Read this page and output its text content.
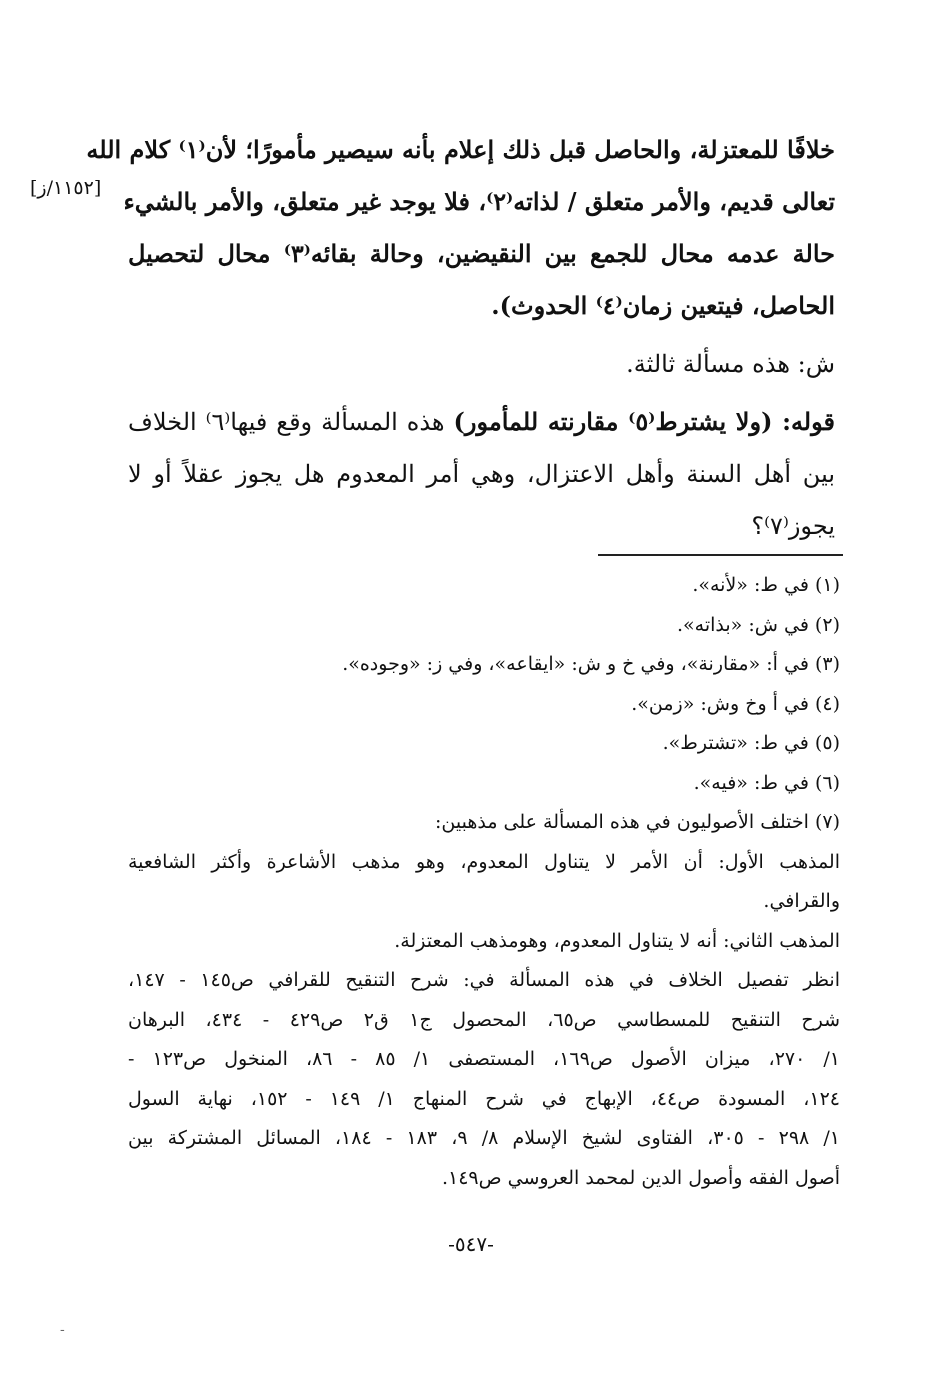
خلافًا للمعتزلة، والحاصل قبل ذلك إعلام بأنه سيصير مأمورًا؛ لأن⁽١⁾ كلام الله
تعالى قديم، والأمر متعلق / لذاته⁽٢⁾، فلا يوجد غير متعلق، والأمر بالشيء
حالة عدمه محال للجمع بين النقيضين، وحالة بقائه⁽٣⁾ محال لتحصيل
الحاصل، فيتعين زمان⁽٤⁾ الحدوث).
ش: هذه مسألة ثالثة.
قوله: (ولا يشترط⁽٥⁾ مقارنته للمأمور) هذه المسألة وقع فيها⁽٦⁾ الخلاف
بين أهل السنة وأهل الاعتزال، وهي أمر المعدوم هل يجوز عقلاً أو لا
يجوز⁽٧⁾؟
[١١٥٢/ز]
(١) في ط: «لأنه».
(٢) في ش: «بذاته».
(٣) في أ: «مقارنة»، وفي خ و ش: «ايقاعه»، وفي ز: «وجوده».
(٤) في أ وخ وش: «زمن».
(٥) في ط: «تشترط».
(٦) في ط: «فيه».
(٧) اختلف الأصوليون في هذه المسألة على مذهبين:
المذهب الأول: أن الأمر لا يتناول المعدوم، وهو مذهب الأشاعرة وأكثر الشافعية
والقرافي.
المذهب الثاني: أنه لا يتناول المعدوم، وهومذهب المعتزلة.
انظر تفصيل الخلاف في هذه المسألة في: شرح التنقيح للقرافي ص١٤٥ - ١٤٧،
شرح التنقيح للمسطاسي ص٦٥، المحصول ج١ ق٢ ص٤٢٩ - ٤٣٤، البرهان
١/ ٢٧٠، ميزان الأصول ص١٦٩، المستصفى ١/ ٨٥ - ٨٦، المنخول ص١٢٣ -
١٢٤، المسودة ص٤٤، الإبهاج في شرح المنهاج ١/ ١٤٩ - ١٥٢، نهاية السول
١/ ٢٩٨ - ٣٠٥، الفتاوى لشيخ الإسلام ٨/ ٩، ١٨٣ - ١٨٤، المسائل المشتركة بين
أصول الفقه وأصول الدين لمحمد العروسي ص١٤٩.
-٥٤٧-
-
